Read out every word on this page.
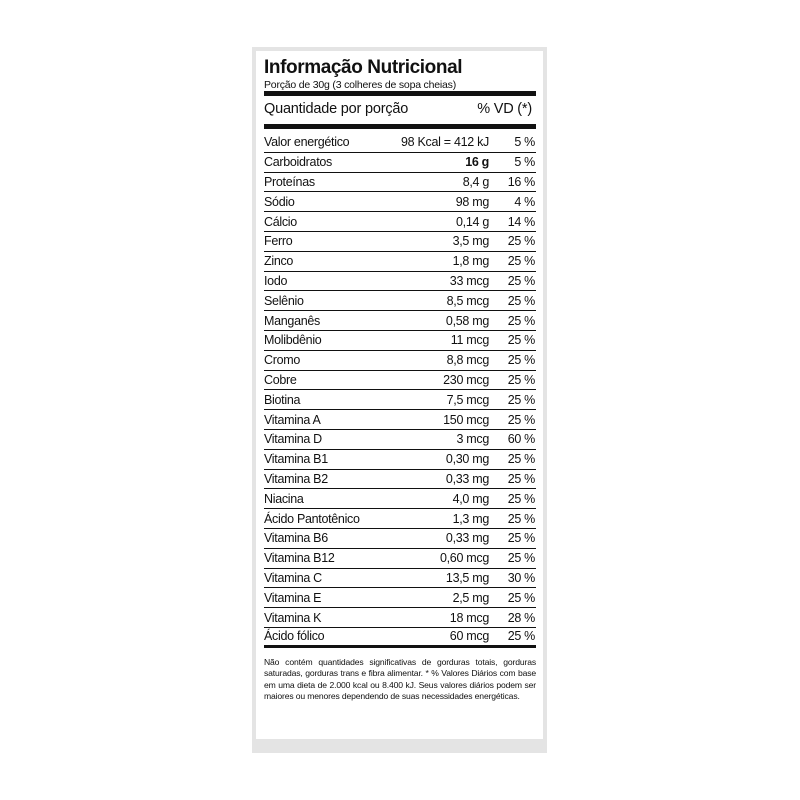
Informação Nutricional
Porção de 30g (3 colheres de sopa cheias)
Quantidade por porção	% VD (*)
Valor energético	98 Kcal = 412 kJ	5 %
Carboidratos	16 g	5 %
Proteínas	8,4 g	16 %
Sódio	98 mg	4 %
Cálcio	0,14 g	14 %
Ferro	3,5 mg	25 %
Zinco	1,8 mg	25 %
Iodo	33 mcg	25 %
Selênio	8,5 mcg	25 %
Manganês	0,58 mg	25 %
Molibdênio	11 mcg	25 %
Cromo	8,8 mcg	25 %
Cobre	230 mcg	25 %
Biotina	7,5 mcg	25 %
Vitamina A	150 mcg	25 %
Vitamina D	3 mcg	60 %
Vitamina B1	0,30 mg	25 %
Vitamina B2	0,33 mg	25 %
Niacina	4,0 mg	25 %
Ácido Pantotênico	1,3 mg	25 %
Vitamina B6	0,33 mg	25 %
Vitamina B12	0,60 mcg	25 %
Vitamina C	13,5 mg	30 %
Vitamina E	2,5 mg	25 %
Vitamina K	18 mcg	28 %
Ácido fólico	60 mcg	25 %
Não contém quantidades significativas de gorduras totais, gorduras saturadas, gorduras trans e fibra alimentar. * % Valores Diários com base em uma dieta de 2.000 kcal ou 8.400 kJ. Seus valores diários podem ser maiores ou menores dependendo de suas necessidades energéticas.
